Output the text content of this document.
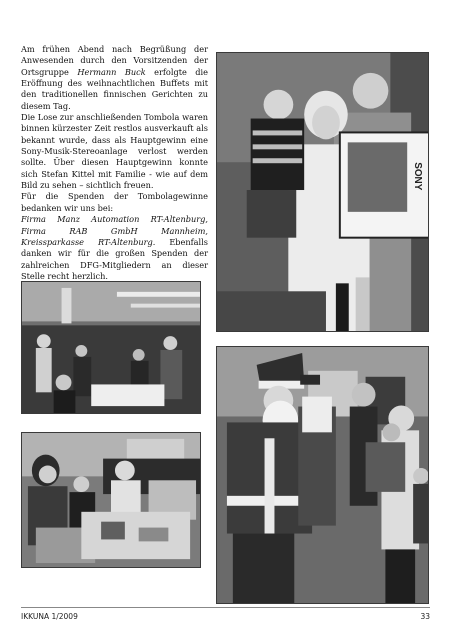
Am frühen Abend nach Begrüßung der Anwesenden durch den Vorsitzenden der Ortsgruppe Hermann Buck erfolgte die Eröffnung des weihnachtlichen Buffets mit den traditionellen finnischen Gerichten zu diesem Tag.

Die Lose zur anschließenden Tombola waren binnen kürzester Zeit restlos ausverkauft als bekannt wurde, dass als Hauptgewinn eine Sony-Musik-Stereoanlage verlost werden sollte. Über diesen Hauptgewinn konnte sich Stefan Kittel mit Familie - wie auf dem Bild zu sehen – sichtlich freuen.

Für die Spenden der Tombolagewinne bedanken wir uns bei:

Firma Manz Automation RT-Altenburg, Firma RAB GmbH Mannheim, Kreissparkasse RT-Altenburg. Ebenfalls danken wir für die großen Spenden der zahlreichen DFG-Mitgliedern an dieser Stelle recht herzlich.

SONY
IKKUNA 1/2009	33
